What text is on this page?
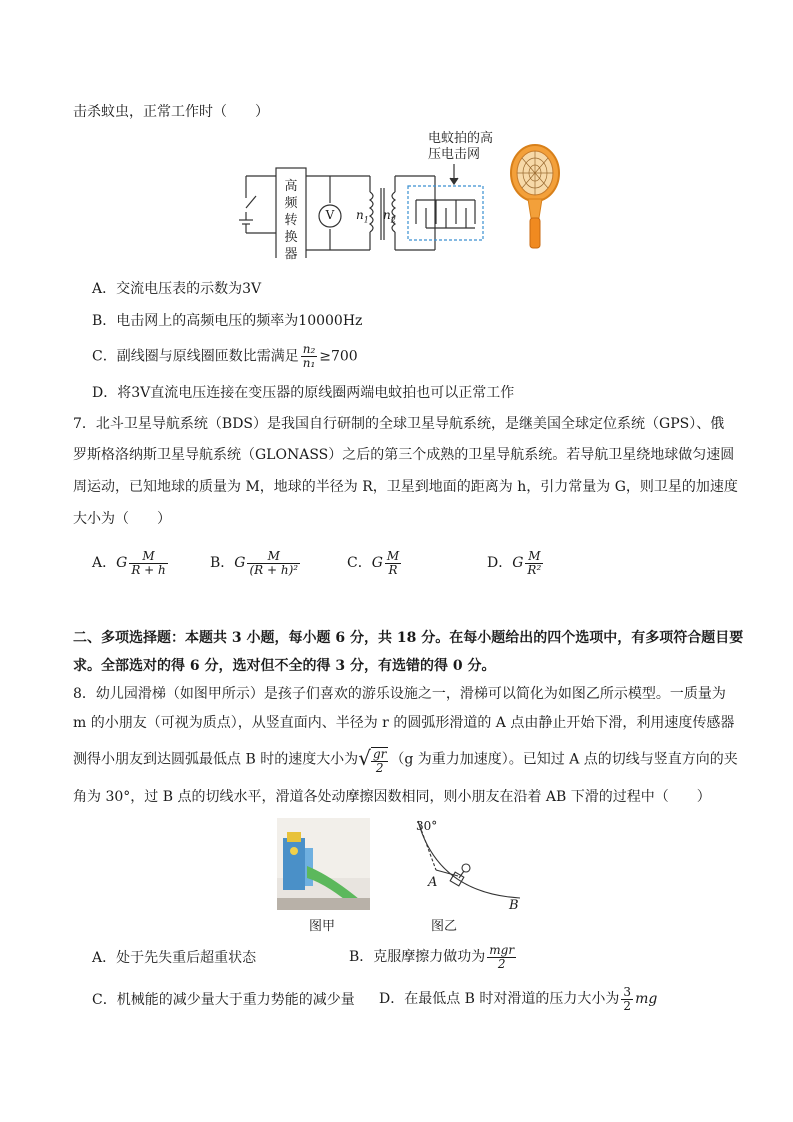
击杀蚊虫，正常工作时（　　）
高
频
转
换
器
V $n_1$ $n_2$
电蚊拍的高
压电击网
A．交流电压表的示数为3V
B．电击网上的高频电压的频率为10000Hz
C．副线圈与原线圈匝数比需满足 $\frac{\text{n₂}}{\text{n₁}} \ge 700$
D．将3V直流电压连接在变压器的原线圈两端电蚊拍也可以正常工作
7．北斗卫星导航系统（BDS）是我国自行研制的全球卫星导航系统，是继美国全球定位系统（GPS）、俄
罗斯格洛纳斯卫星导航系统（GLONASS）之后的第三个成熟的卫星导航系统。若导航卫星绕地球做匀速圆
周运动，已知地球的质量为 M，地球的半径为 R，卫星到地面的距离为 h，引力常量为 G，则卫星的加速度
大小为（　　）
A．G $\frac{M}{R + h}$	B．G $\frac{M}{\text{(R + h)²}}$	C．G $\frac{M}{R}$	D．G $\frac{M}{\text{R²}}$
二、多项选择题：本题共 3 小题，每小题 6 分，共 18 分。在每小题给出的四个选项中，有多项符合题目要
求。全部选对的得 6 分，选对但不全的得 3 分，有选错的得 0 分。
8．幼儿园滑梯（如图甲所示）是孩子们喜欢的游乐设施之一，滑梯可以简化为如图乙所示模型。一质量为
m 的小朋友（可视为质点），从竖直面内、半径为 r 的圆弧形滑道的 A 点由静止开始下滑，利用速度传感器
测得小朋友到达圆弧最低点 B 时的速度大小为√ $\frac{gr}{2} (g$ 为重力加速度）。已知过 A 点的切线与竖直方向的夹
角为 30°，过 B 点的切线水平，滑道各处动摩擦因数相同，则小朋友在沿着 AB 下滑的过程中（　　）
30°
A
B
图甲	图乙
A．处于先失重后超重状态	B．克服摩擦力做功为 $\frac{\text{mgr}}{2}$
C．机械能的减少量大于重力势能的减少量 D．在最低点 B 时对滑道的压力大小为 $\frac{3}{2}$ mg
